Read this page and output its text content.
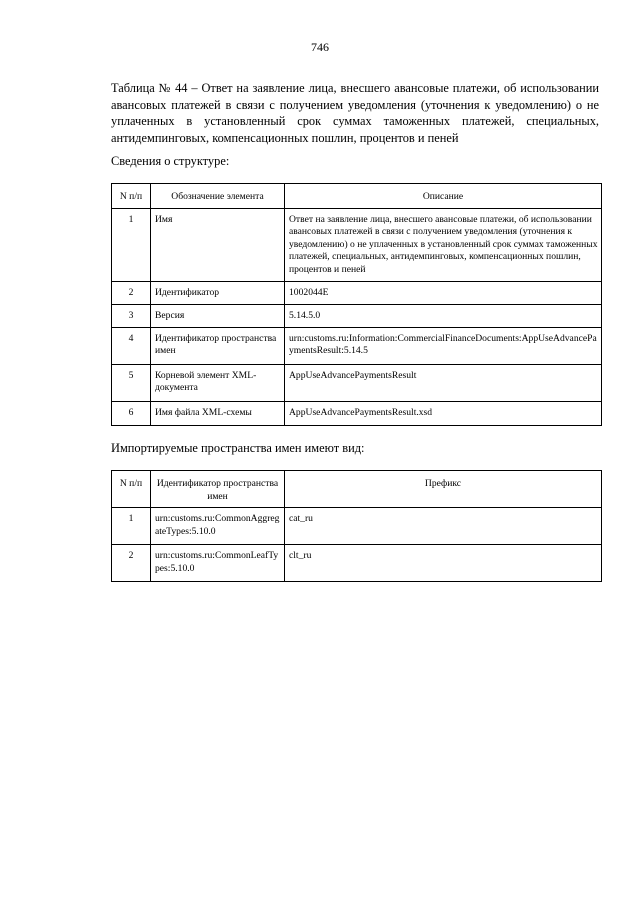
746
Таблица № 44 – Ответ на заявление лица, внесшего авансовые платежи, об использовании авансовых платежей в связи с получением уведомления (уточнения к уведомлению) о не уплаченных в установленный срок суммах таможенных платежей, специальных, антидемпинговых, компенсационных пошлин, процентов и пеней
Сведения о структуре:
N п/п	Обозначение элемента	Описание
1	Имя	Ответ на заявление лица, внесшего авансовые платежи, об использовании авансовых платежей в связи с получением уведомления (уточнения к уведомлению) о не уплаченных в установленный срок суммах таможенных платежей, специальных, антидемпинговых, компенсационных пошлин, процентов и пеней
2	Идентификатор	1002044E
3	Версия	5.14.5.0
4	Идентификатор пространства имен	urn:customs.ru:Information:CommercialFinanceDocuments:AppUseAdvancePaymentsResult:5.14.5
5	Корневой элемент XML-документа	AppUseAdvancePaymentsResult
6	Имя файла XML-схемы	AppUseAdvancePaymentsResult.xsd
Импортируемые пространства имен имеют вид:
N п/п	Идентификатор пространства имен	Префикс
1	urn:customs.ru:CommonAggregateTypes:5.10.0	cat_ru
2	urn:customs.ru:CommonLeafTypes:5.10.0	clt_ru
